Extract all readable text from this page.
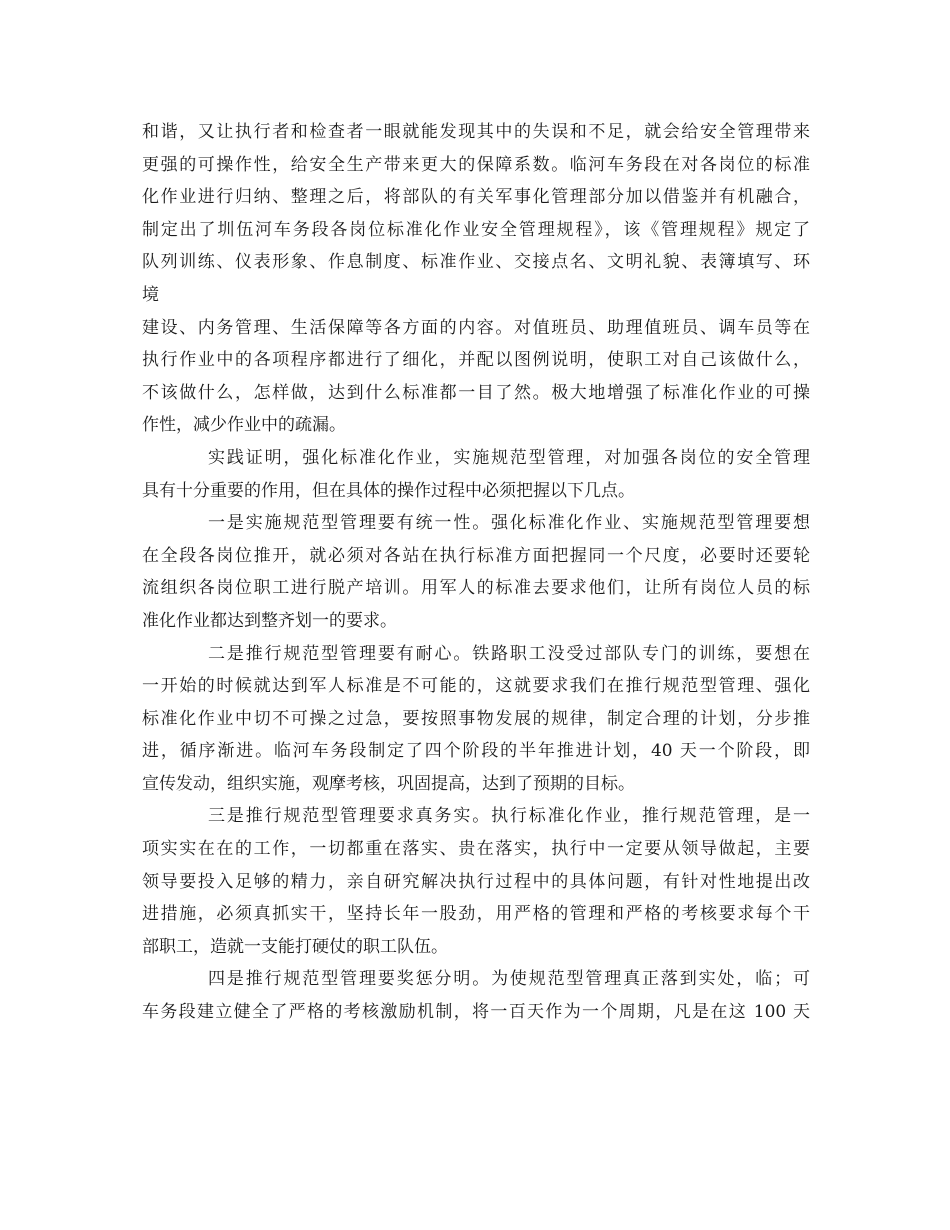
和谐，又让执行者和检查者一眼就能发现其中的失误和不足，就会给安全管理带来
更强的可操作性，给安全生产带来更大的保障系数。临河车务段在对各岗位的标准
化作业进行归纳、整理之后，将部队的有关军事化管理部分加以借鉴并有机融合，
制定出了圳伍河车务段各岗位标准化作业安全管理规程》，该《管理规程》规定了
队列训练、仪表形象、作息制度、标准作业、交接点名、文明礼貌、表簿填写、环
境
建设、内务管理、生活保障等各方面的内容。对值班员、助理值班员、调车员等在
执行作业中的各项程序都进行了细化，并配以图例说明，使职工对自己该做什么，
不该做什么，怎样做，达到什么标准都一目了然。极大地增强了标准化作业的可操
作性，减少作业中的疏漏。
实践证明，强化标准化作业，实施规范型管理，对加强各岗位的安全管理
具有十分重要的作用，但在具体的操作过程中必须把握以下几点。
一是实施规范型管理要有统一性。强化标准化作业、实施规范型管理要想
在全段各岗位推开，就必须对各站在执行标准方面把握同一个尺度，必要时还要轮
流组织各岗位职工进行脱产培训。用军人的标准去要求他们，让所有岗位人员的标
准化作业都达到整齐划一的要求。
二是推行规范型管理要有耐心。铁路职工没受过部队专门的训练，要想在
一开始的时候就达到军人标准是不可能的，这就要求我们在推行规范型管理、强化
标准化作业中切不可操之过急，要按照事物发展的规律，制定合理的计划，分步推
进，循序渐进。临河车务段制定了四个阶段的半年推进计划，40 天一个阶段，即
宣传发动，组织实施，观摩考核，巩固提高，达到了预期的目标。
三是推行规范型管理要求真务实。执行标准化作业，推行规范管理，是一
项实实在在的工作，一切都重在落实、贵在落实，执行中一定要从领导做起，主要
领导要投入足够的精力，亲自研究解决执行过程中的具体问题，有针对性地提出改
进措施，必须真抓实干，坚持长年一股劲，用严格的管理和严格的考核要求每个干
部职工，造就一支能打硬仗的职工队伍。
四是推行规范型管理要奖惩分明。为使规范型管理真正落到实处，临；可
车务段建立健全了严格的考核激励机制，将一百天作为一个周期，凡是在这 100 天
